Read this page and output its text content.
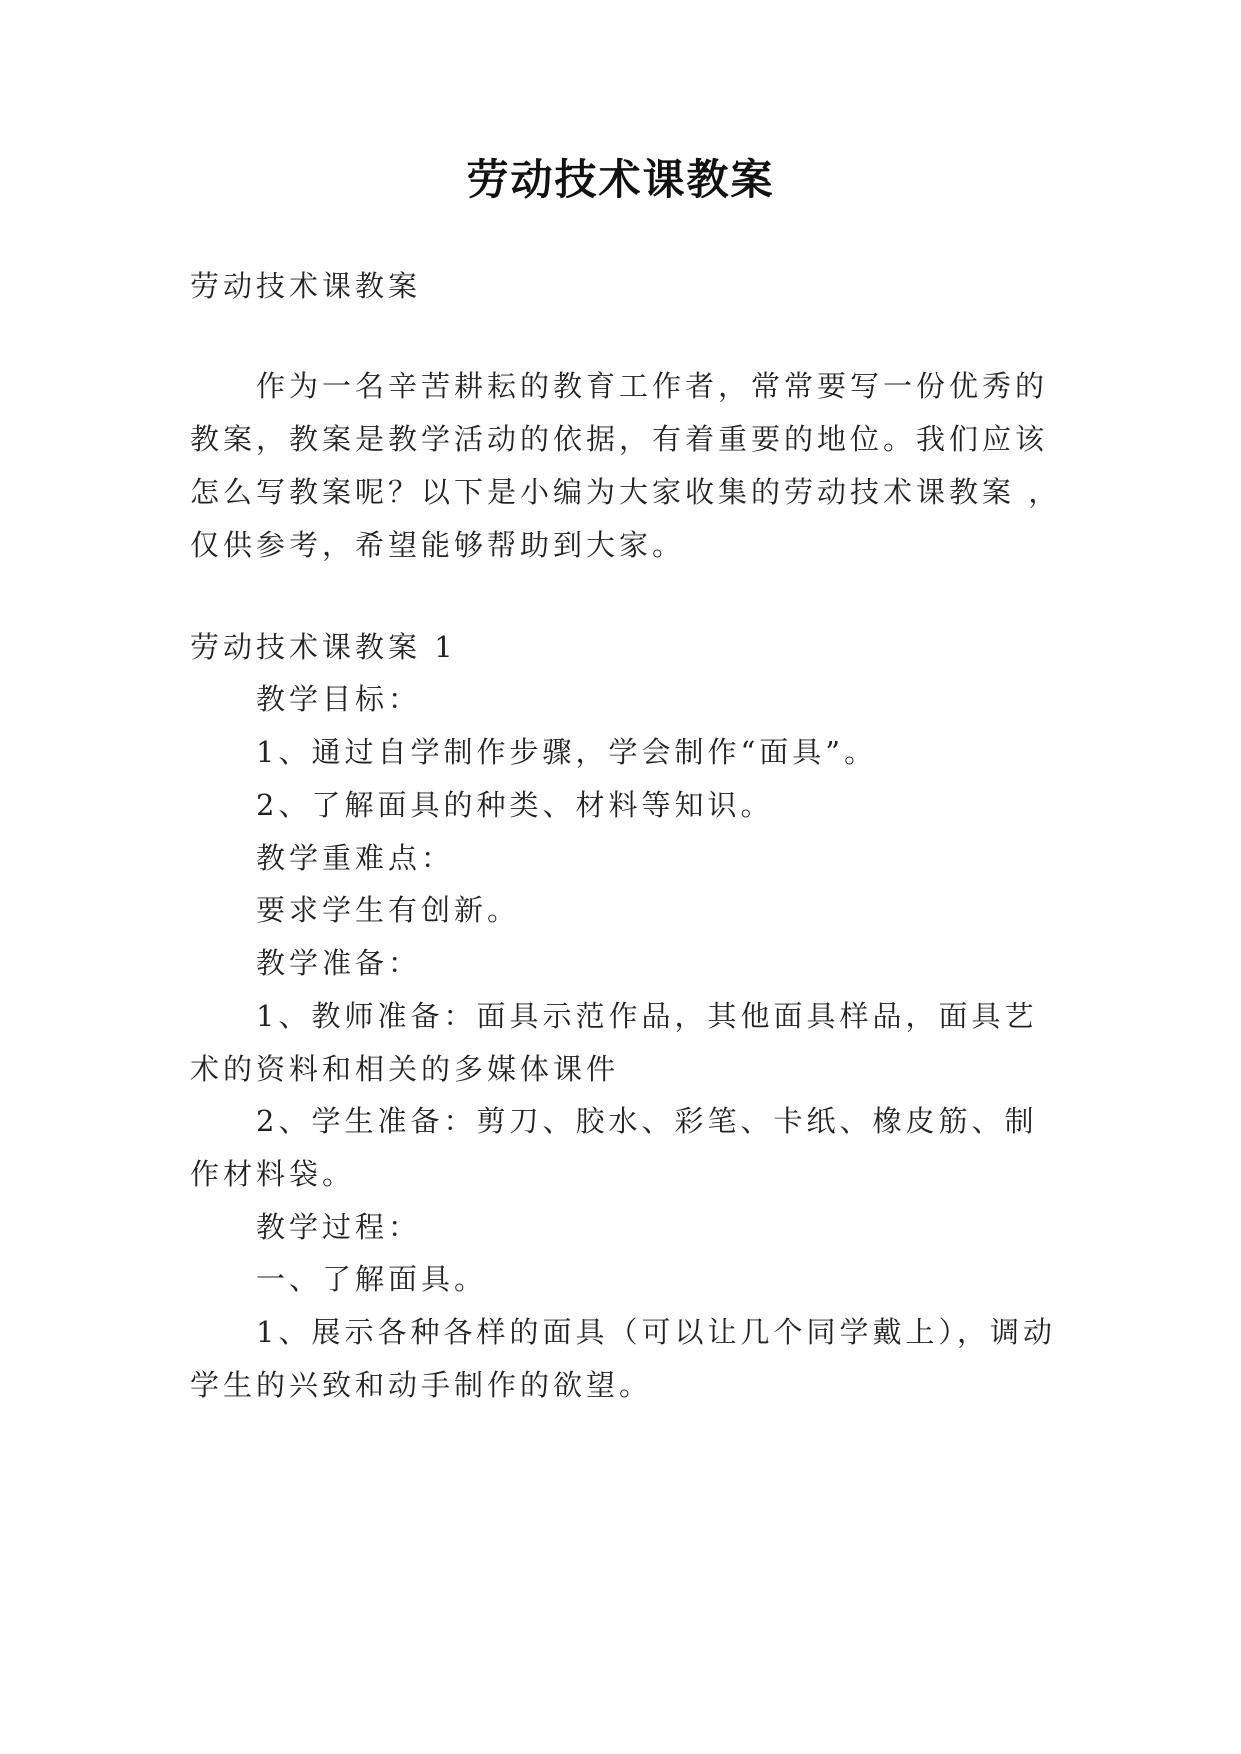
劳动技术课教案
劳动技术课教案
作为一名辛苦耕耘的教育工作者，常常要写一份优秀的
教案，教案是教学活动的依据，有着重要的地位。我们应该
怎么写教案呢？以下是小编为大家收集的劳动技术课教案 ，
仅供参考，希望能够帮助到大家。
劳动技术课教案 1
教学目标：
1、通过自学制作步骤，学会制作“面具”。
2、了解面具的种类、材料等知识。
教学重难点：
要求学生有创新。
教学准备：
1、教师准备：面具示范作品，其他面具样品，面具艺
术的资料和相关的多媒体课件
2、学生准备：剪刀、胶水、彩笔、卡纸、橡皮筋、制
作材料袋。
教学过程：
一、了解面具。
1、展示各种各样的面具（可以让几个同学戴上），调动
学生的兴致和动手制作的欲望。
